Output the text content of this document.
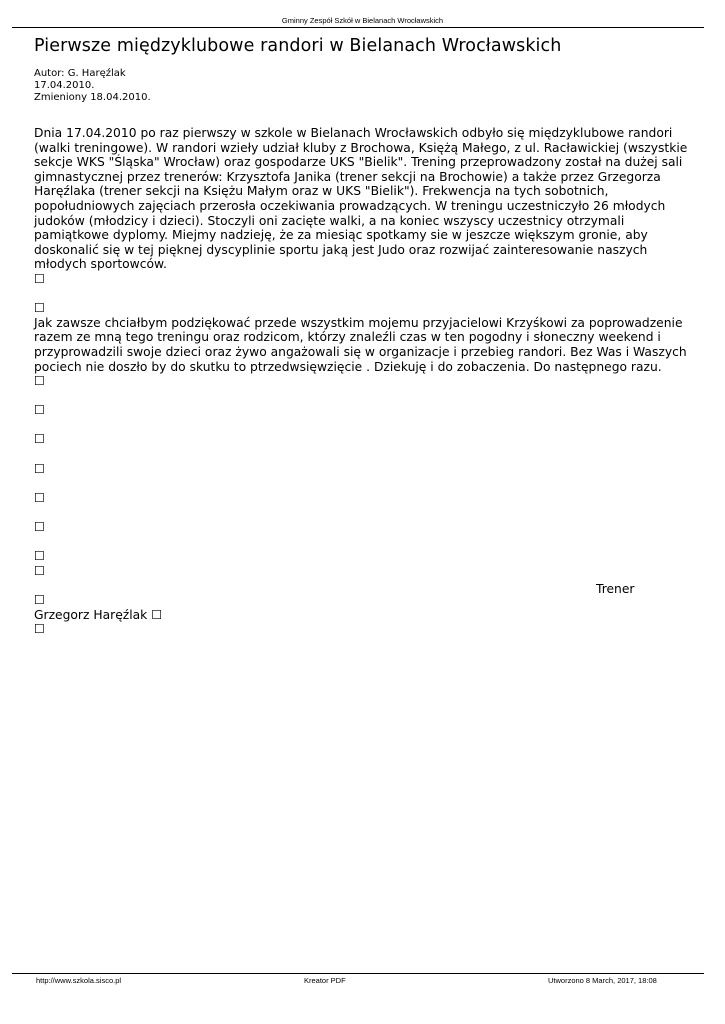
Gminny Zespół Szkół w Bielanach Wrocławskich
Pierwsze międzyklubowe randori w Bielanach Wrocławskich
Autor: G. Haręźlak
17.04.2010.
Zmieniony 18.04.2010.

Dnia 17.04.2010 po raz pierwszy w szkole w Bielanach Wrocławskich odbyło się międzyklubowe randori (walki treningowe). W randori wzieły udział kluby z Brochowa, Księżą Małego, z ul. Racławickiej (wszystkie sekcje WKS "Śląska" Wrocław) oraz gospodarze UKS "Bielik". Trening przeprowadzony został na dużej sali gimnastycznej przez trenerów: Krzysztofa Janika (trener sekcji na Brochowie) a także przez Grzegorza Haręźlaka (trener sekcji na Księżu Małym oraz w UKS "Bielik"). Frekwencja na tych sobotnich, popołudniowych zajęciach przerosła oczekiwania prowadzących. W treningu uczestniczyło 26 młodych judoków (młodzicy i dzieci). Stoczyli oni zacięte walki, a na koniec wszyscy uczestnicy otrzymali pamiątkowe dyplomy. Miejmy nadzieję, że za miesiąc spotkamy sie w jeszcze większym gronie, aby doskonalić się w tej pięknej dyscyplinie sportu jaką jest Judo oraz rozwijać zainteresowanie naszych młodych sportowców.

☐
☐

Jak zawsze chciałbym podziękować przede wszystkim mojemu przyjacielowi Krzyśkowi za poprowadzenie razem ze mną tego treningu oraz rodzicom, którzy znaleźli czas w ten pogodny i słoneczny weekend i przyprowadzili swoje dzieci oraz żywo angażowali się w organizacje i przebieg randori. Bez Was i Waszych pociech nie doszło by do skutku to ptrzedwsięwzięcie . Dziekuję i do zobaczenia. Do następnego razu.

☐
☐
☐
☐
☐
☐
☐
☐
☐
Grzegorz Haręźlak ☐
☐
Trener
http://www.szkola.sisco.pl	Kreator PDF	Utworzono 8 March, 2017, 18:08
